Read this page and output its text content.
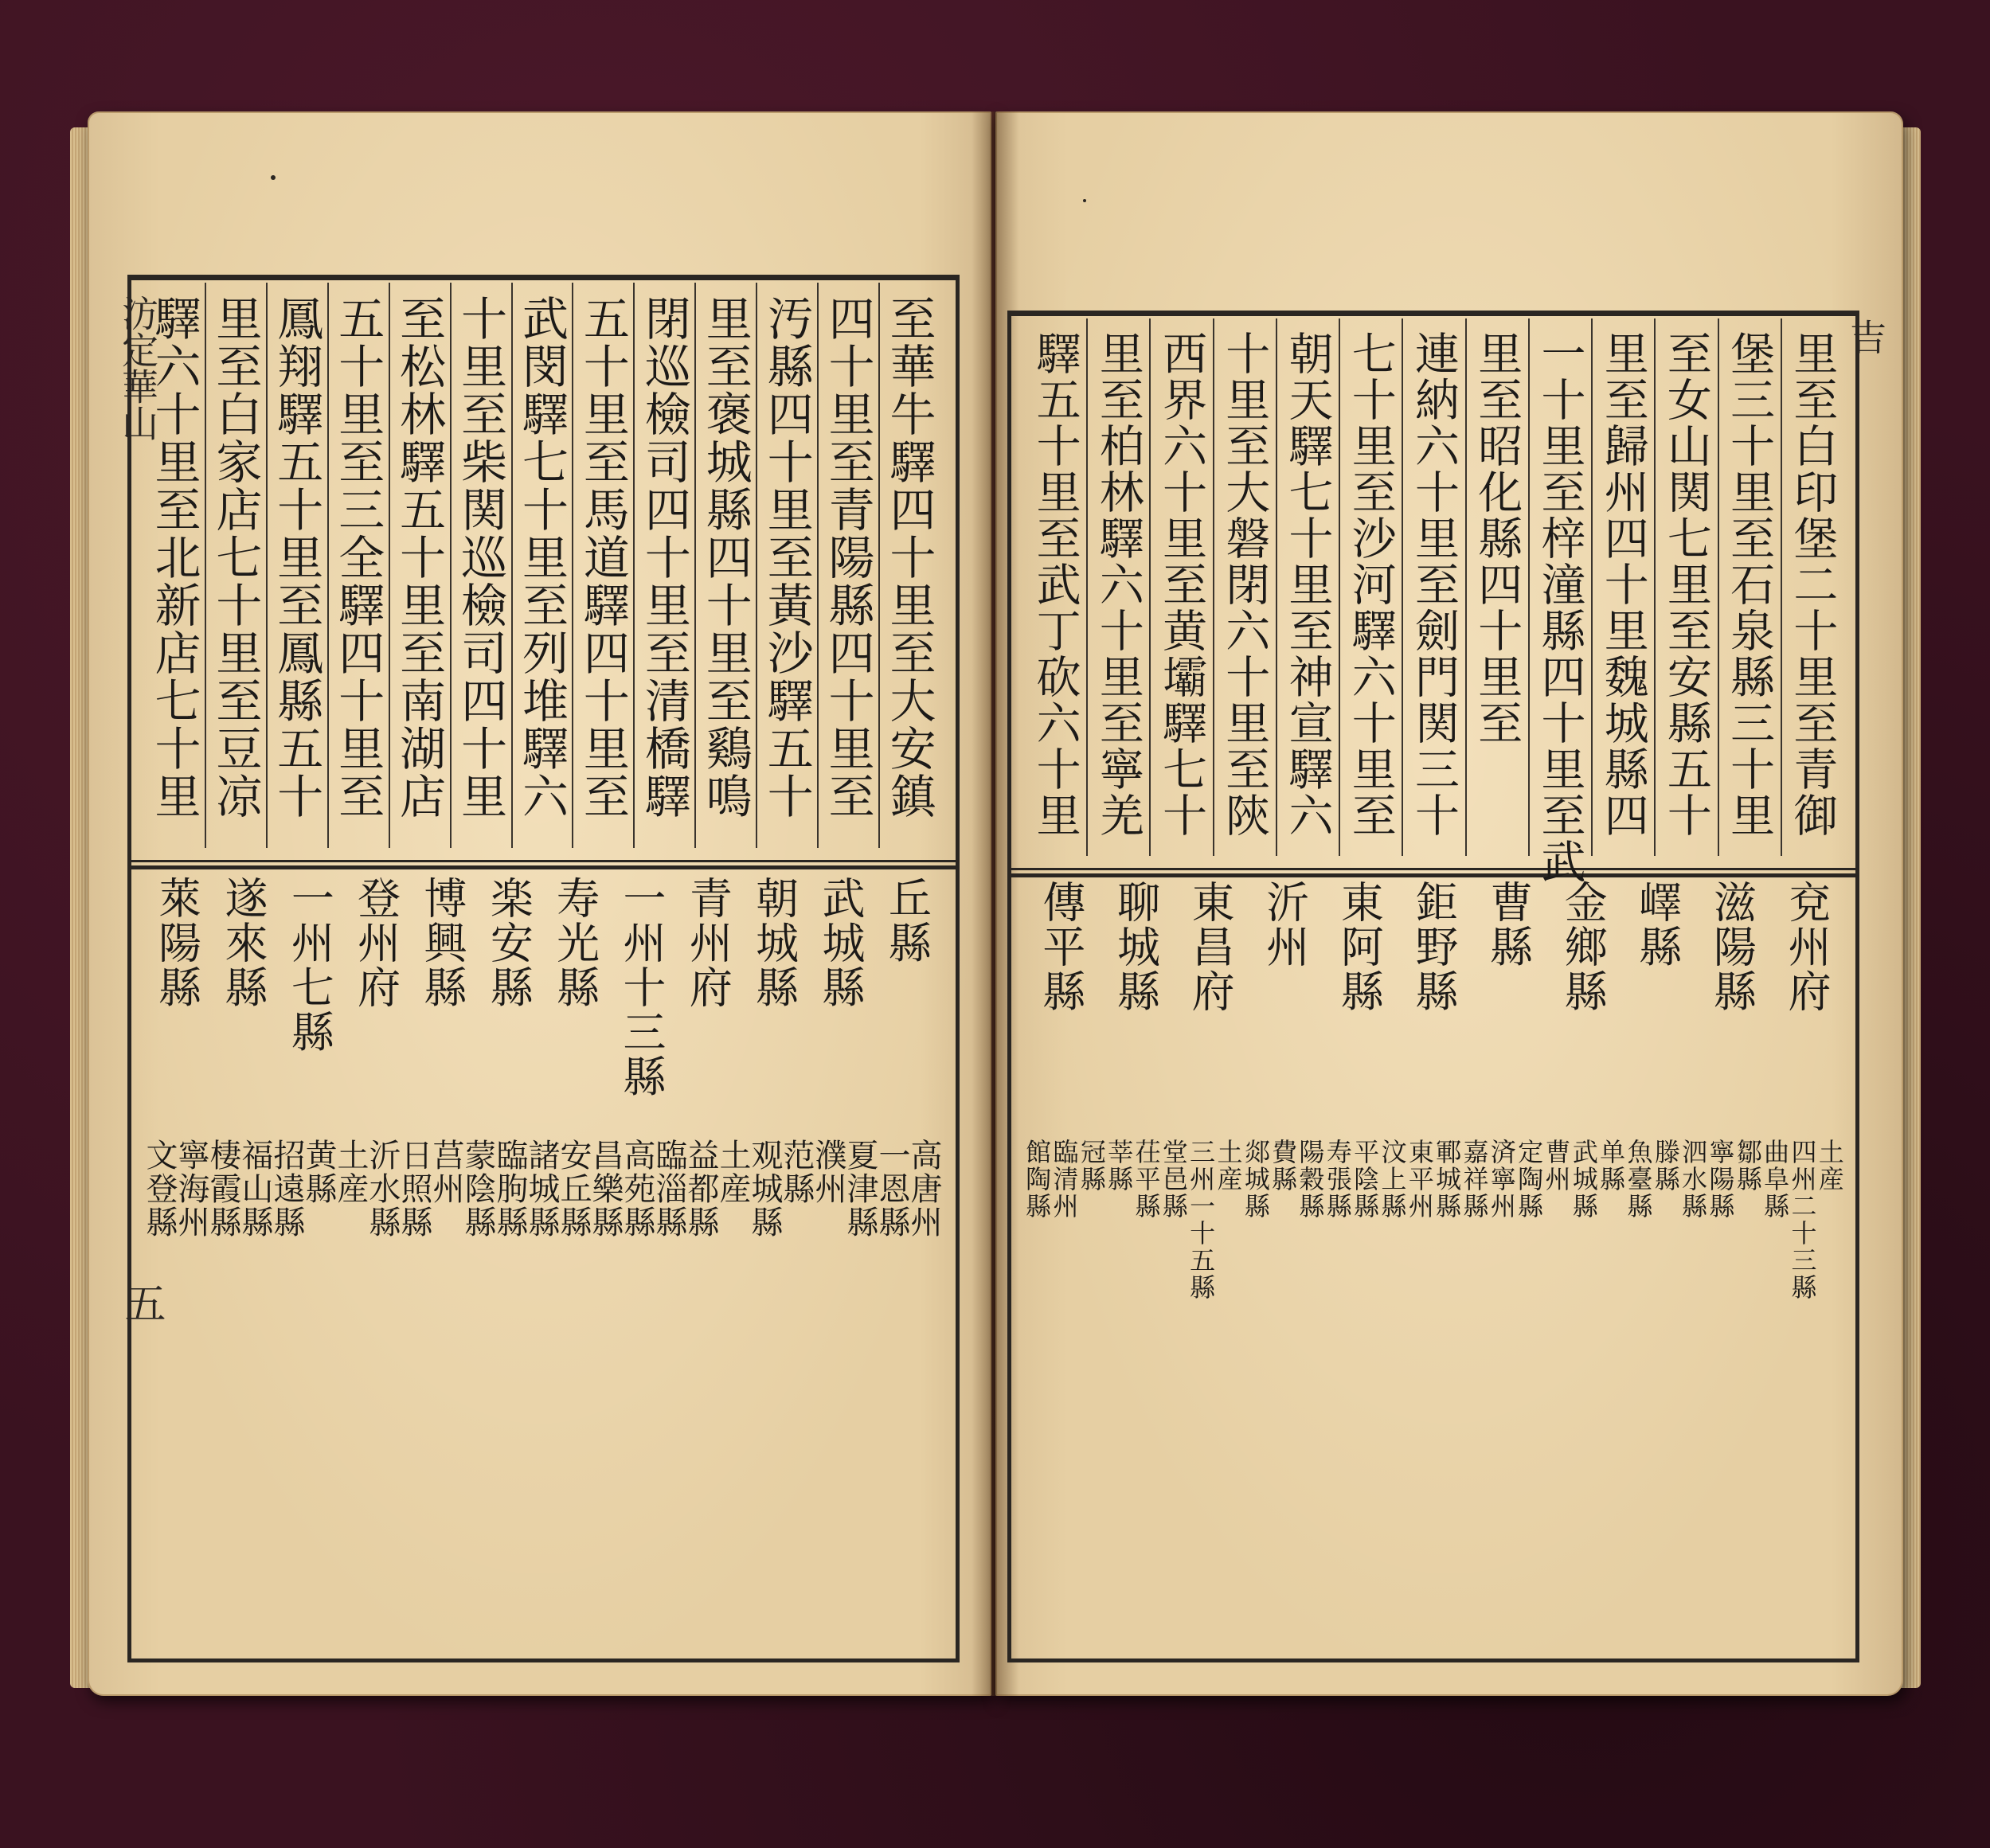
汸定華山	吉
五
至華牛驛四十里至大安鎮
四十里至青陽縣四十里至
汚縣四十里至黃沙驛五十
里至褒城縣四十里至鷄鳴
閉巡檢司四十里至清橋驛
五十里至馬道驛四十里至
武閔驛七十里至列堆驛六
十里至柴関巡檢司四十里
至松林驛五十里至南湖店
五十里至三全驛四十里至
鳳翔驛五十里至鳳縣五十
里至白家店七十里至豆凉
驛六十里至北新店七十里	里至白印堡二十里至青御
堡三十里至石泉縣三十里
至女山関七里至安縣五十
里至歸州四十里魏城縣四
一十里至梓潼縣四十里至武
里至昭化縣四十里至
連納六十里至劍門関三十
七十里至沙河驛六十里至
朝天驛七十里至神宣驛六
十里至大磐閉六十里至陝
西界六十里至黄壩驛七十
里至柏林驛六十里至寧羌
驛五十里至武丁砍六十里
丘縣
武城縣
朝城縣
青州府
一州十三縣
寿光縣
楽安縣
博興縣
登州府
一州七縣
遂來縣
萊陽縣	兗州府
滋陽縣
嶧縣
金鄉縣
曹縣
鉅野縣
東阿縣
沂州
東昌府
聊城縣
傳平縣
高唐州
一恩縣
夏津縣
濮州
范縣
观城縣
土産
益都縣
臨淄縣
高苑縣
昌樂縣
安丘縣
諸城縣
臨朐縣
蒙陰縣
莒州
日照縣
沂水縣
土産
黄縣
招遠縣
福山縣
棲霞縣
寧海州
文登縣	土産
四州二十三縣
曲阜縣
鄒縣
寧陽縣
泗水縣
滕縣
魚臺縣
单縣
武城縣
曹州
定陶縣
済寧州
嘉祥縣
鄆城縣
東平州
汶上縣
平陰縣
寿張縣
陽穀縣
費縣
郯城縣
土産
三州一十五縣
堂邑縣
茌平縣
莘縣
冠縣
臨清州
館陶縣
